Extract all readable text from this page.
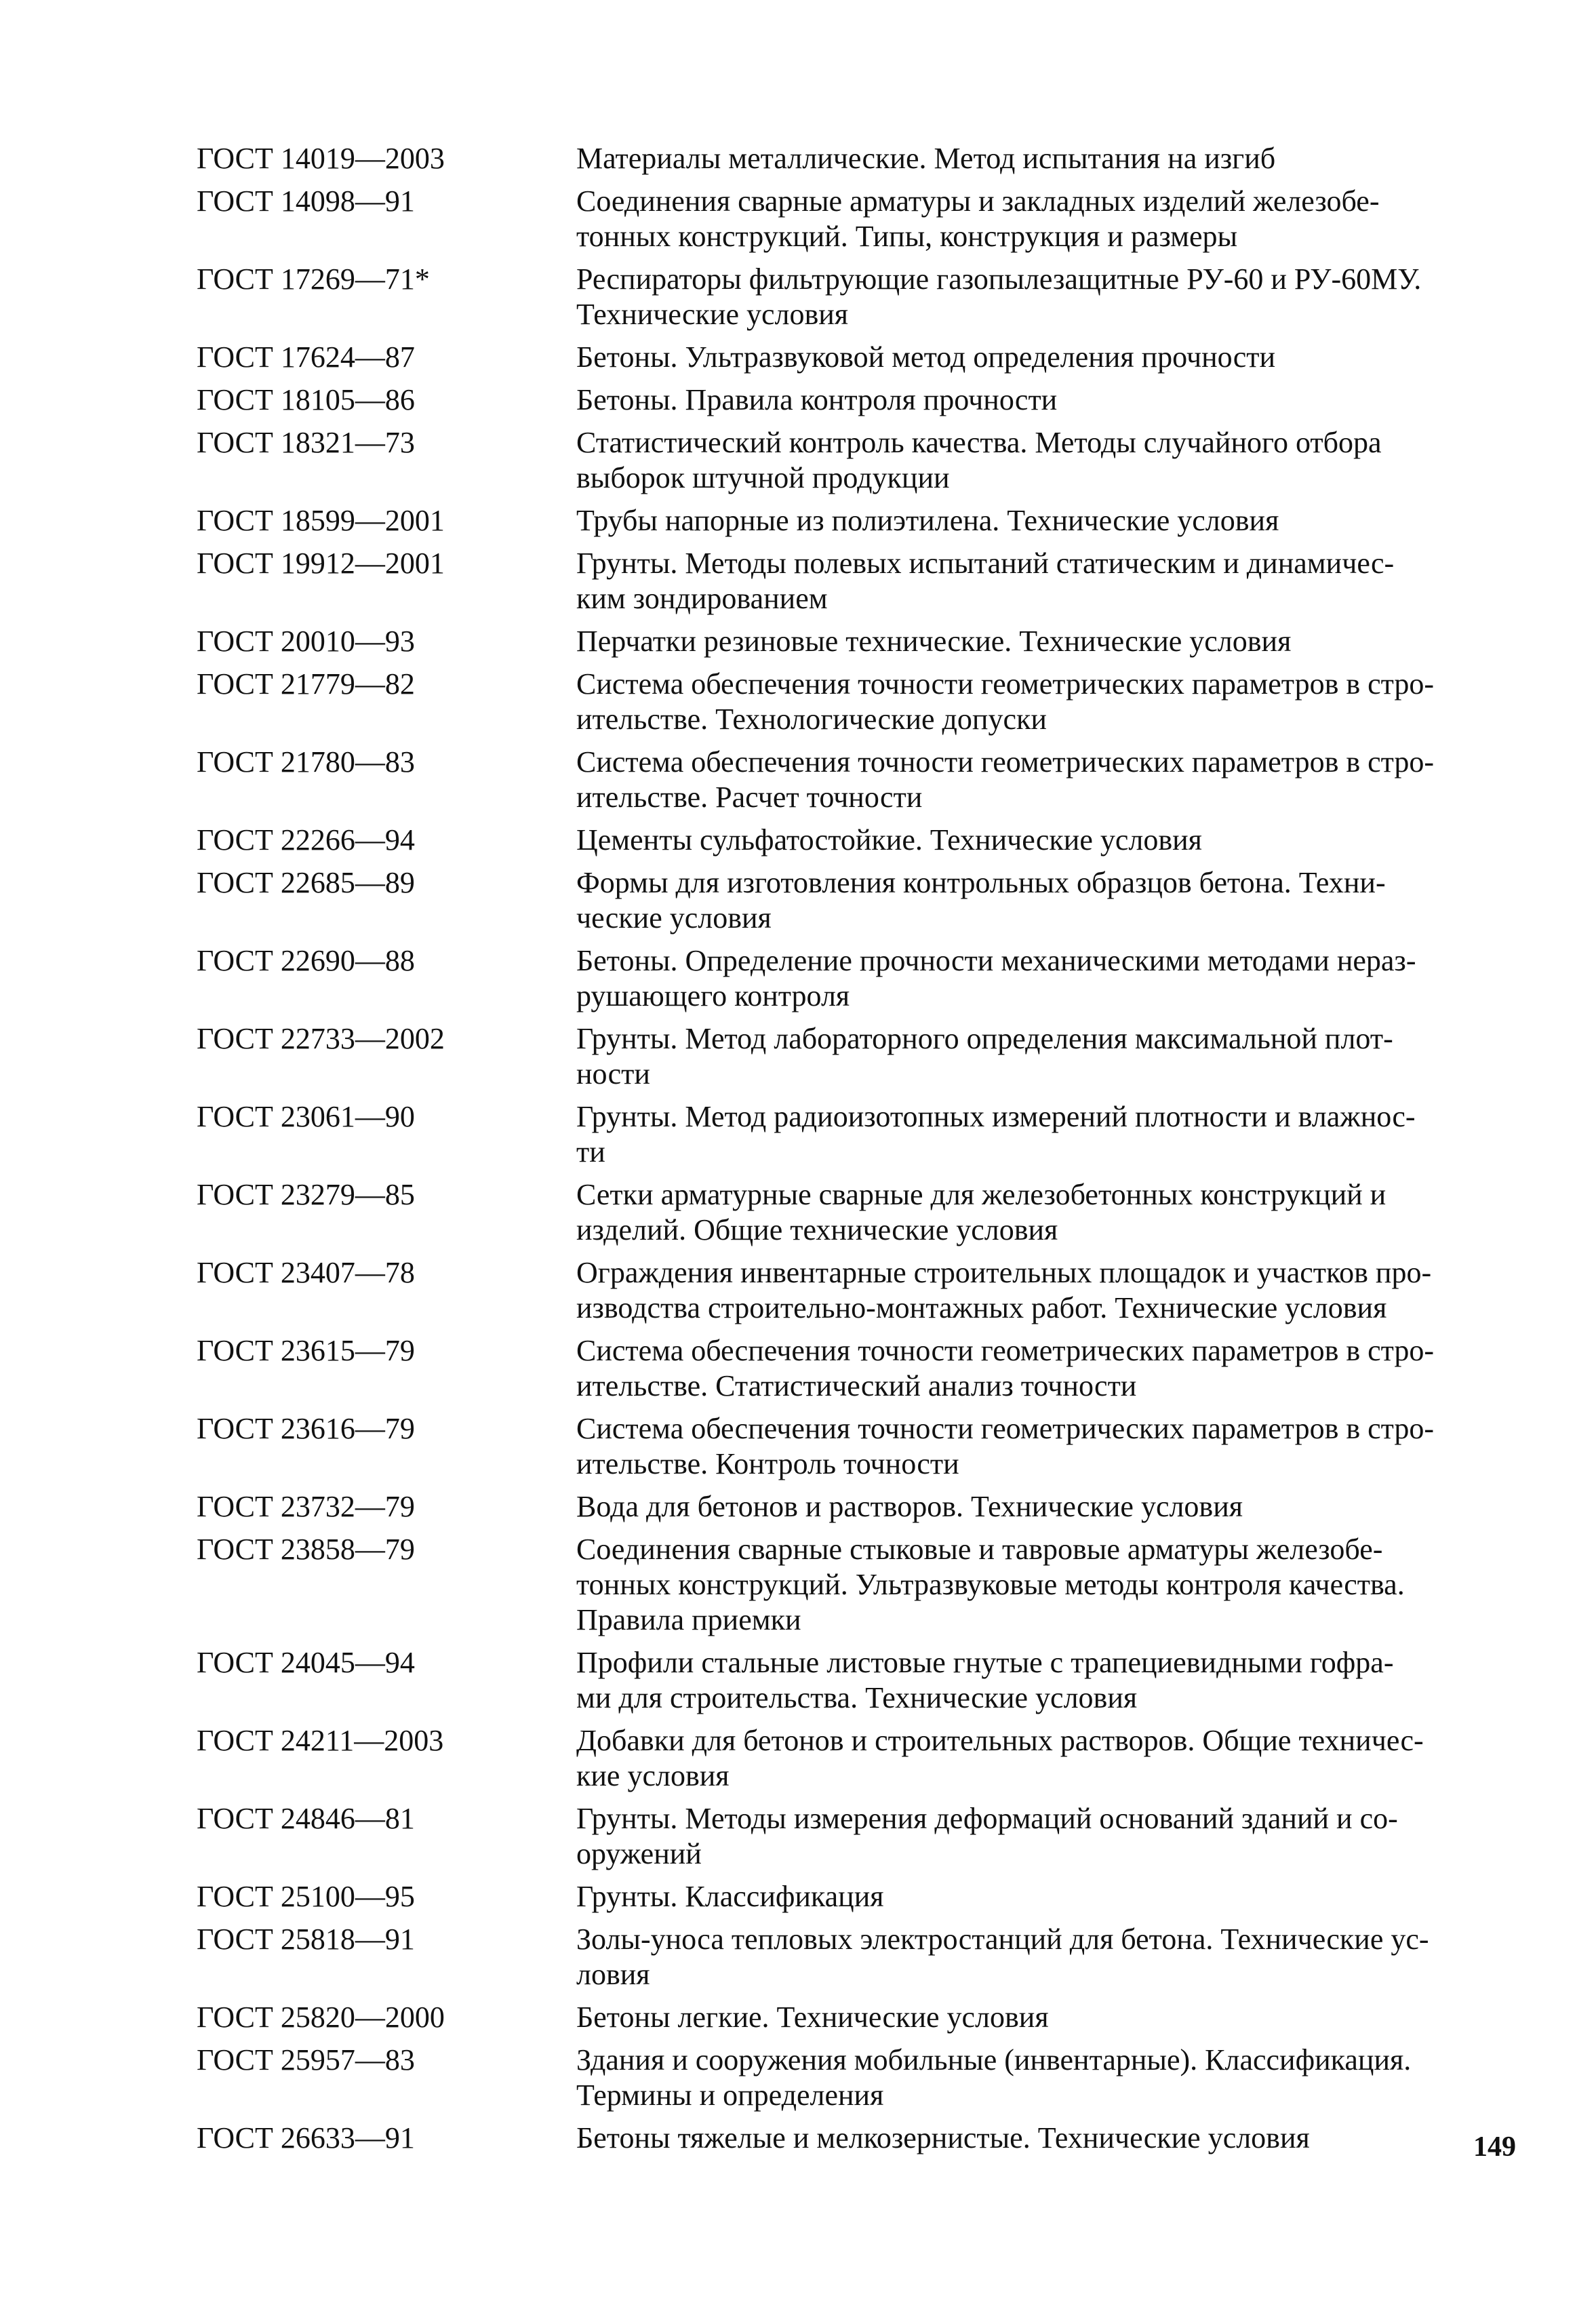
ГОСТ 14019—2003	Материалы металлические. Метод испытания на изгиб
ГОСТ 14098—91	Соединения сварные арматуры и закладных изделий железобе-
тонных конструкций. Типы, конструкция и размеры
ГОСТ 17269—71*	Респираторы фильтрующие газопылезащитные РУ-60 и РУ-60МУ.
Технические условия
ГОСТ 17624—87	Бетоны. Ультразвуковой метод определения прочности
ГОСТ 18105—86	Бетоны. Правила контроля прочности
ГОСТ 18321—73	Статистический контроль качества. Методы случайного отбора
выборок штучной продукции
ГОСТ 18599—2001	Трубы напорные из полиэтилена. Технические условия
ГОСТ 19912—2001	Грунты. Методы полевых испытаний статическим и динамичес-
ким зондированием
ГОСТ 20010—93	Перчатки резиновые технические. Технические условия
ГОСТ 21779—82	Система обеспечения точности геометрических параметров в стро-
ительстве. Технологические допуски
ГОСТ 21780—83	Система обеспечения точности геометрических параметров в стро-
ительстве. Расчет точности
ГОСТ 22266—94	Цементы сульфатостойкие. Технические условия
ГОСТ 22685—89	Формы для изготовления контрольных образцов бетона. Техни-
ческие условия
ГОСТ 22690—88	Бетоны. Определение прочности механическими методами нераз-
рушающего контроля
ГОСТ 22733—2002	Грунты. Метод лабораторного определения максимальной плот-
ности
ГОСТ 23061—90	Грунты. Метод радиоизотопных измерений плотности и влажнос-
ти
ГОСТ 23279—85	Сетки арматурные сварные для железобетонных конструкций и
изделий. Общие технические условия
ГОСТ 23407—78	Ограждения инвентарные строительных площадок и участков про-
изводства строительно-монтажных работ. Технические условия
ГОСТ 23615—79	Система обеспечения точности геометрических параметров в стро-
ительстве. Статистический анализ точности
ГОСТ 23616—79	Система обеспечения точности геометрических параметров в стро-
ительстве. Контроль точности
ГОСТ 23732—79	Вода для бетонов и растворов. Технические условия
ГОСТ 23858—79	Соединения сварные стыковые и тавровые арматуры железобе-
тонных конструкций. Ультразвуковые методы контроля качества.
Правила приемки
ГОСТ 24045—94	Профили стальные листовые гнутые с трапециевидными гофра-
ми для строительства. Технические условия
ГОСТ 24211—2003	Добавки для бетонов и строительных растворов. Общие техничес-
кие условия
ГОСТ 24846—81	Грунты. Методы измерения деформаций оснований зданий и со-
оружений
ГОСТ 25100—95	Грунты. Классификация
ГОСТ 25818—91	Золы-уноса тепловых электростанций для бетона. Технические ус-
ловия
ГОСТ 25820—2000	Бетоны легкие. Технические условия
ГОСТ 25957—83	Здания и сооружения мобильные (инвентарные). Классификация.
Термины и определения
ГОСТ 26633—91	Бетоны тяжелые и мелкозернистые. Технические условия	149
